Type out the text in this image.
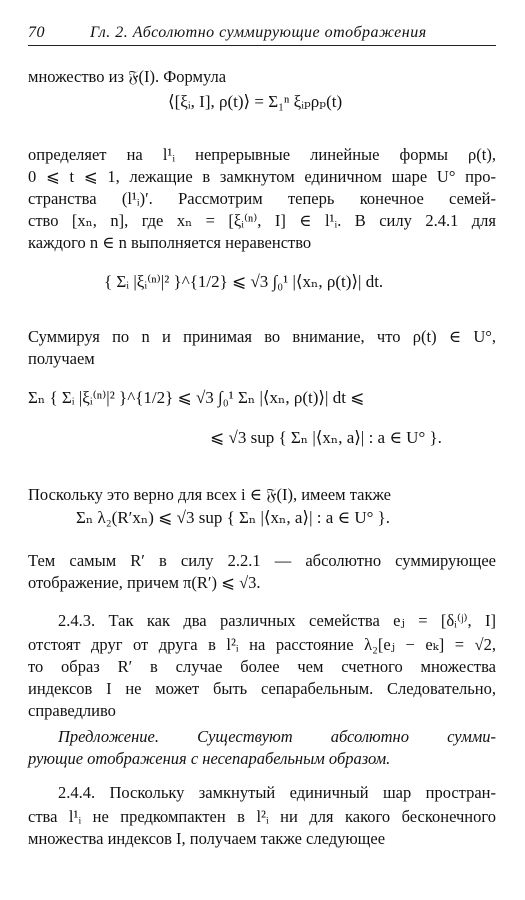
70	Гл. 2. Абсолютно суммирующие отображения
множество из 𝔉(I). Формула
⟨[ξᵢ, I], ρ(t)⟩ = Σ₁ⁿ ξᵢₚρₚ(t)
определяет на l¹ᵢ непрерывные линейные формы ρ(t),
0 ⩽ t ⩽ 1, лежащие в замкнутом единичном шаре U° про-
странства (l¹ᵢ)′. Рассмотрим теперь конечное семей-
ство [xₙ, n], где xₙ = [ξᵢ⁽ⁿ⁾, I] ∈ l¹ᵢ. В силу 2.4.1 для
каждого n ∈ n выполняется неравенство
{ Σᵢ |ξᵢ⁽ⁿ⁾|² }^{1/2} ⩽ √3 ∫₀¹ |⟨xₙ, ρ(t)⟩| dt.
Суммируя по n и принимая во внимание, что ρ(t) ∈ U°,
получаем
Σₙ { Σᵢ |ξᵢ⁽ⁿ⁾|² }^{1/2} ⩽ √3 ∫₀¹ Σₙ |⟨xₙ, ρ(t)⟩| dt ⩽
⩽ √3 sup { Σₙ |⟨xₙ, a⟩| : a ∈ U° }.
Поскольку это верно для всех i ∈ 𝔉(I), имеем также
Σₙ λ₂(R′xₙ) ⩽ √3 sup { Σₙ |⟨xₙ, a⟩| : a ∈ U° }.
Тем самым R′ в силу 2.2.1 — абсолютно суммирующее
отображение, причем π(R′) ⩽ √3.
2.4.3. Так как два различных семейства eⱼ = [δᵢ⁽ʲ⁾, I]
отстоят друг от друга в l²ᵢ на расстояние λ₂[eⱼ − eₖ] = √2,
то образ R′ в случае более чем счетного множества
индексов I не может быть сепарабельным. Следовательно,
справедливо
Предложение. Существуют абсолютно сумми-
рующие отображения с несепарабельным образом.
2.4.4. Поскольку замкнутый единичный шар простран-
ства l¹ᵢ не предкомпактен в l²ᵢ ни для какого бесконечного
множества индексов I, получаем также следующее
